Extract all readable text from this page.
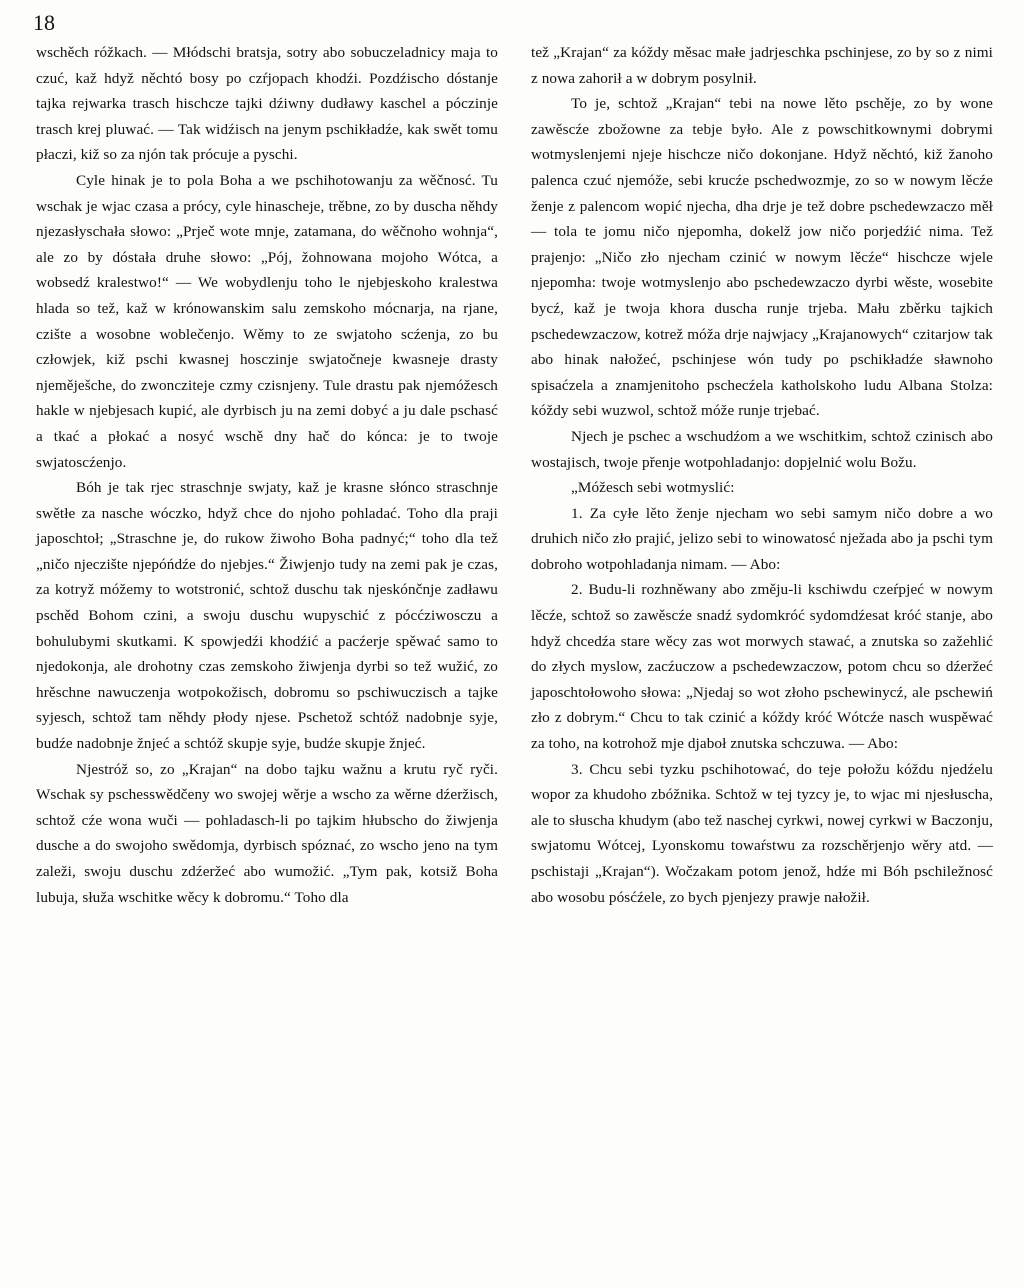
18

wschěch róžkach. — Młódschi bratsja, sotry abo sobuczeladnicy maja to czuć, kaž hdyž něchtó bosy po czŕjopach khodźi. Pozdźischo dóstanje tajka rejwarka trasch hischcze tajki dźiwny dudławy kaschel a póczinje trasch krej pluwać. — Tak widźisch na jenym pschikładźe, kak swět tomu płaczi, kiž so za njón tak prócuje a pyschi.

Cyle hinak je to pola Boha a we pschihotowanju za wěčnosć. Tu wschak je wjac czasa a prócy, cyle hinascheje, trěbne, zo by duscha něhdy njezasłyschała słowo: „Prječ wote mnje, zatamana, do wěčnoho wohnja“, ale zo by dóstała druhe słowo: „Pój, žohnowana mojoho Wótca, a wobsedź kralestwo!“ — We wobydlenju toho le njebjeskoho kralestwa hlada so tež, kaž w krónowanskim salu zemskoho mócnarja, na rjane, czište a wosobne woblečenjo. Wěmy to ze swjatoho scźenja, zo bu człowjek, kiž pschi kwasnej hosczinje swjatočneje kwasneje drasty njeměješche, do zwoncziteje czmy czisnjeny. Tule drastu pak njemóžesch hakle w njebjesach kupić, ale dyrbisch ju na zemi dobyć a ju dale pschasć a tkać a płokać a nosyć wschě dny hač do kónca: je to twoje swjatoscźenjo.

Bóh je tak rjec straschnje swjaty, kaž je krasne słónco straschnje swětłe za nasche wóczko, hdyž chce do njoho pohladać. Toho dla praji japoschtoł; „Straschne je, do rukow žiwoho Boha padnyć;“ toho dla tež „ničo njeczište njepóńdźe do njebjes.“ Žiwjenjo tudy na zemi pak je czas, za kotryž móžemy to wotstronić, schtož duschu tak njeskónčnje zadławu pschěd Bohom czini, a swoju duschu wupyschić z pócćziwosczu a bohulubymi skutkami. K spowjedźi khodźić a pacźerje spěwać samo to njedokonja, ale drohotny czas zemskoho žiwjenja dyrbi so tež wužić, zo hrěschne nawuczenja wotpokožisch, dobromu so pschiwuczisch a tajke syjesch, schtož tam něhdy płody njese. Pschetož schtóž nadobnje syje, budźe nadobnje žnjeć a schtóž skupje syje, budźe skupje žnjeć.

Njestróž so, zo „Krajan“ na dobo tajku wažnu a krutu ryč ryči. Wschak sy pschesswědčeny wo swojej wěrje a wscho za wěrne dźeržisch, schtož cźe wona wuči — pohladasch-li po tajkim hłubscho do žiwjenja dusche a do swojoho swědomja, dyrbisch spóznać, zo wscho jeno na tym zaleži, swoju duschu zdźeržeć abo wumožić. „Tym pak, kotsiž Boha lubuja, słuža wschitke wěcy k dobromu.“ Toho dla

tež „Krajan“ za kóždy měsac małe jadrjeschka pschinjese, zo by so z nimi z nowa zahorił a w dobrym posylnił.

To je, schtož „Krajan“ tebi na nowe lěto pschěje, zo by wone zawěscźe zbožowne za tebje było. Ale z powschitkownymi dobrymi wotmyslenjemi njeje hischcze ničo dokonjane. Hdyž něchtó, kiž žanoho palenca czuć njemóže, sebi krucźe pschedwozmje, zo so w nowym lěcźe ženje z palencom wopić njecha, dha drje je tež dobre pschedewzaczo měł — tola te jomu ničo njepomha, dokelž jow ničo porjedźić nima. Tež prajenjo: „Ničo zło njecham czinić w nowym lěcźe“ hischcze wjele njepomha: twoje wotmyslenjo abo pschedewzaczo dyrbi wěste, wosebite bycź, kaž je twoja khora duscha runje trjeba. Mału zběrku tajkich pschedewzaczow, kotrež móža drje najwjacy „Krajanowych“ czitarjow tak abo hinak nałožeć, pschinjese wón tudy po pschikładźe sławnoho spisaćzela a znamjenitoho pschecźela katholskoho ludu Albana Stolza: kóždy sebi wuzwol, schtož móže runje trjebać.

Njech je pschec a wschudźom a we wschitkim, schtož czinisch abo wostajisch, twoje přenje wotpohladanjo: dopjelnić wolu Božu.

„Móžesch sebi wotmyslić:

1. Za cyłe lěto ženje njecham wo sebi samym ničo dobre a wo druhich ničo zło prajić, jelizo sebi to winowatosć nježada abo ja pschi tym dobroho wotpohladanja nimam. — Abo:

2. Budu-li rozhněwany abo změju-li kschiwdu czeŕpjeć w nowym lěcźe, schtož so zawěscźe snadź sydomkróć sydomdźesat króć stanje, abo hdyž chcedźa stare wěcy zas wot morwych stawać, a znutska so zažehlić do złych myslow, zacźuczow a pschedewzaczow, potom chcu so dźeržeć japoschtołowoho słowa: „Njedaj so wot złoho pschewinycź, ale pschewiń zło z dobrym.“ Chcu to tak czinić a kóždy króć Wótcźe nasch wuspěwać za toho, na kotrohož mje djaboł znutska schczuwa. — Abo:

3. Chcu sebi tyzku pschihotować, do teje połožu kóždu njedźelu wopor za khudoho zbóžnika. Schtož w tej tyzcy je, to wjac mi njesłuscha, ale to słuscha khudym (abo tež naschej cyrkwi, nowej cyrkwi w Baczonju, swjatomu Wótcej, Lyonskomu towaŕstwu za rozschěrjenjo wěry atd. — pschistaji „Krajan“). Wočzakam potom jenož, hdźe mi Bóh pschiležnosć abo wosobu pósćźele, zo bych pjenjezy prawje nałožił.
